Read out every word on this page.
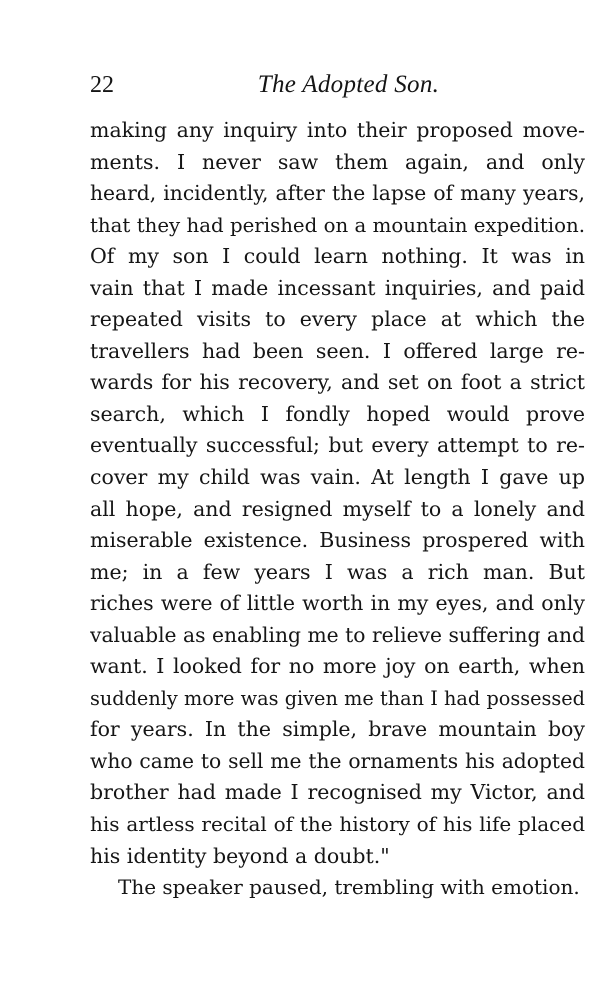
22	The Adopted Son.
making any inquiry into their proposed move-
ments. I never saw them again, and only
heard, incidently, after the lapse of many years,
that they had perished on a mountain expedition.
Of my son I could learn nothing. It was in
vain that I made incessant inquiries, and paid
repeated visits to every place at which the
travellers had been seen. I offered large re-
wards for his recovery, and set on foot a strict
search, which I fondly hoped would prove
eventually successful; but every attempt to re-
cover my child was vain. At length I gave up
all hope, and resigned myself to a lonely and
miserable existence. Business prospered with
me; in a few years I was a rich man. But
riches were of little worth in my eyes, and only
valuable as enabling me to relieve suffering and
want. I looked for no more joy on earth, when
suddenly more was given me than I had possessed
for years. In the simple, brave mountain boy
who came to sell me the ornaments his adopted
brother had made I recognised my Victor, and
his artless recital of the history of his life placed
his identity beyond a doubt."
The speaker paused, trembling with emotion.
